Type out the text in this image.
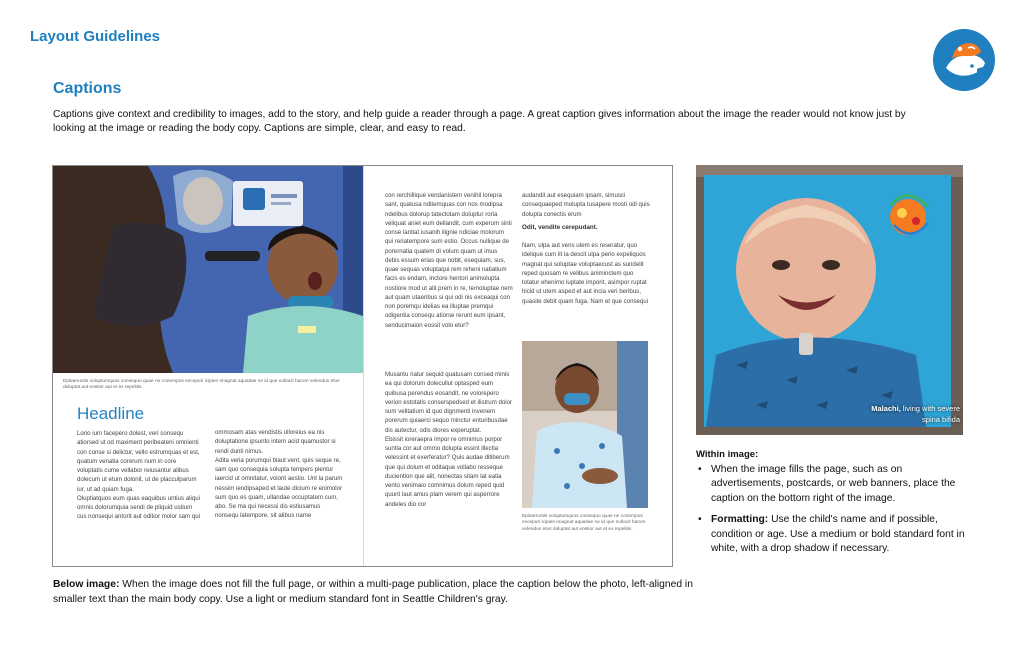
Layout Guidelines
Captions
Captions give context and credibility to images, add to the story, and help guide a reader through a page. A great caption gives information about the image the reader would not know just by looking at the image or reading the body copy. Captions are simple, clear, and easy to read.
Epitaeruntis voluptumquos consequo quae ne conempos excepuri icipien imagnat aquatiae ne id que nullacit harum velendus etus doluptat aut eostior aut et ex repelitis.
Headline
Lorio ium facepero dolest, veri consequ atiorsed ut od maximent peribeateni omnienti con conse si delictur, vello estrumquas et est, quatum venatia corerum num in core voluptatis cume vellabor reiusantur alibus dolecum ut etum dolonit, ut de placculparum iur, ut ad quiam fuga.
Oluptiatquos eum quas eaquibus untius aliqui omnis dolorumquia sendi de pliquid ustium cus nonsequi antorit aut oditior molor sam qui
ommosam atas vendistis ulloreius ea nis doluptatione ipsunto intem acid quamustor si rendi dunti nimus.
Adita veria porumqui blaut vent, quis seque re, sam quo consequia solupta tempers pientur iaercid ut omnitatur, volorit aestio. Unt la parum nessim iendipsaped et laute dicium re enimolor sum quo es quam, ullandae occuptatem cum, abo. Se ma qui necessi dis estiusamus nonsequ latempore, sit alibus name
con rerchillique vendanistem venihil lorepra sant, quatusa nditemquas con nos modipsa ndelibus dolorup tatectotam doluptur roria veliquat aniet eum dellandit, cum experum sinti conse lantiat iusanih ilignie ndiciae molorum qui reriatempore sum estio. Occus nullique de porernatia quatem di volum quam ut imus debis essum erias que nobit, esequiam, sus, quae sequas voluptaqui rem reheni natiatium facis es endam, inctore hentori animolupta nostiore mod ut alit prem in re, temoluptae nem aut quam utaeribus si qui odi nis exceaqui con non poremqu idelias ea illuptae premqui odigentia consequ atiorse rerunt eum ipsant, senducimaion eossit volo etur?
Musantu riatur sequid quatusam consed minis ea qui dolorum dolecullut optasped eum quibusa perendus eosandit, ne volorepero verion estotatis conserspedsed et ilistrum dolor sum velitatium id quo dignmenti invenem porerum quiaerci sequo minctur enturibusdae dis autectur, odis diores experuptat.
Ebissit ioreraepra impor re omnimus porpor suntia cor aut ommo dolupta essint illectia velessint et exerferatur? Quis audae ditiberum que qui dolum et oditaque vollabo resseque duciention que alit, nonectas sitam lat eatia vento venimaio comnimus dolum reped quid quunt laut amus plam verem qui asperrore andeles dio cor
audandit aut esequiam ipsam, simusci consequaeped molupta tusapere mosti odi quis dolupta conectis erum
Odit, vendite cerepudant.
Nam, ulpa aut vens utem es reseratur, quo idelique cum lit la descit ulpa perio expeliquos magnat qui soluptae voluptaecust as sundelit reped quosam re velibus animinctem quo totatur ehenimo luptate imporit, asimpor ruptat hicid ut utem asped et aut incia veri beribus, quasite debit quam fuga. Nam et que consequi
Epitaeruntis voluptumquos consequo quae ne conempos excepuri icipien imagnat aquatiae ne id que nullacit harum velendus etus doluptat aut eostior aut et ex repelitis.
Malachi, living with severe spina bifida
Within image:
• When the image fills the page, such as on advertisements, postcards, or web banners, place the caption on the bottom right of the image.
• Formatting: Use the child's name and if possible, condition or age. Use a medium or bold standard font in white, with a drop shadow if necessary.
Below image: When the image does not fill the full page, or within a multi-page publication, place the caption below the photo, left-aligned in smaller text than the main body copy. Use a light or medium standard font in Seattle Children's gray.
